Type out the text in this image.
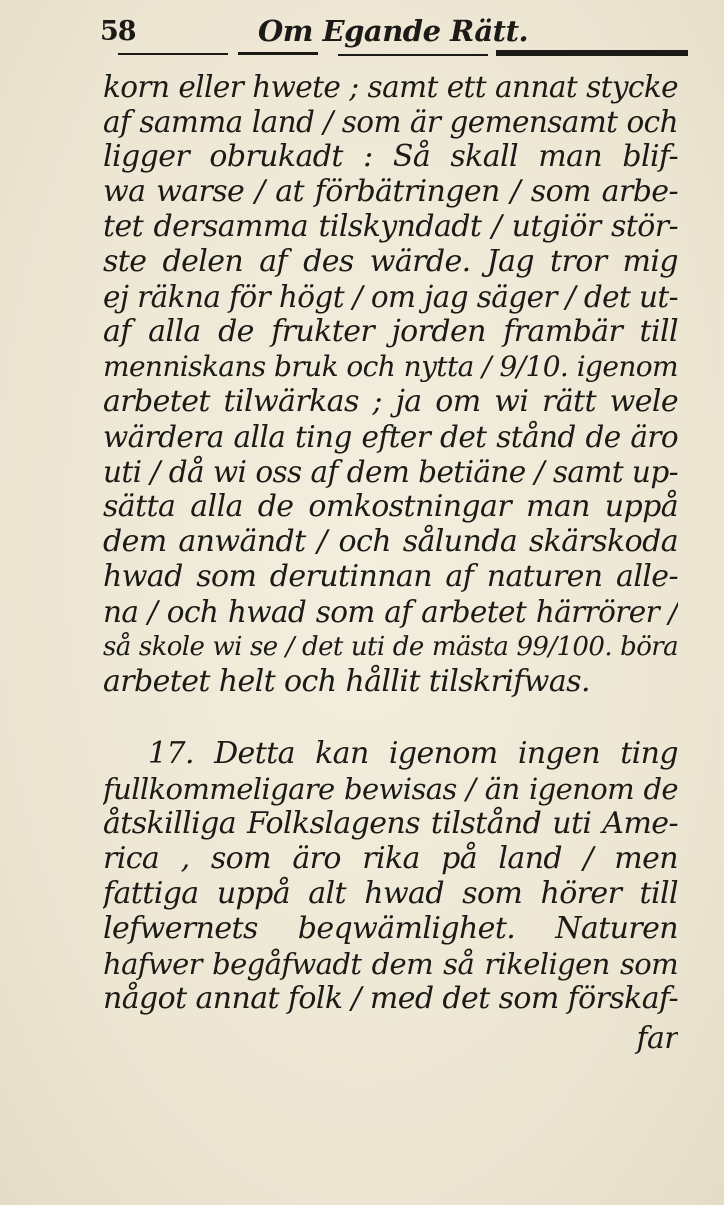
58	Om Egande Rätt.
korn eller hwete ; samt ett annat stycke
af samma land / som är gemensamt och
ligger obrukadt : Så skall man blif-
wa warse / at förbätringen / som arbe-
tet dersamma tilskyndadt / utgiör stör-
ste delen af des wärde. Jag tror mig
ej räkna för högt / om jag säger / det ut-
af alla de frukter jorden frambär till
menniskans bruk och nytta / 9/10. igenom
arbetet tilwärkas ; ja om wi rätt wele
wärdera alla ting efter det stånd de äro
uti / då wi oss af dem betiäne / samt up-
sätta alla de omkostningar man uppå
dem anwändt / och sålunda skärskoda
hwad som derutinnan af naturen alle-
na / och hwad som af arbetet härrörer /
så skole wi se / det uti de mästa 99/100. böra
arbetet helt och hållit tilskrifwas.
17. Detta kan igenom ingen ting
fullkommeligare bewisas / än igenom de
åtskilliga Folkslagens tilstånd uti Ame-
rica , som äro rika på land / men
fattiga uppå alt hwad som hörer till
lefwernets beqwämlighet. Naturen
hafwer begåfwadt dem så rikeligen som
något annat folk / med det som förskaf-
far
